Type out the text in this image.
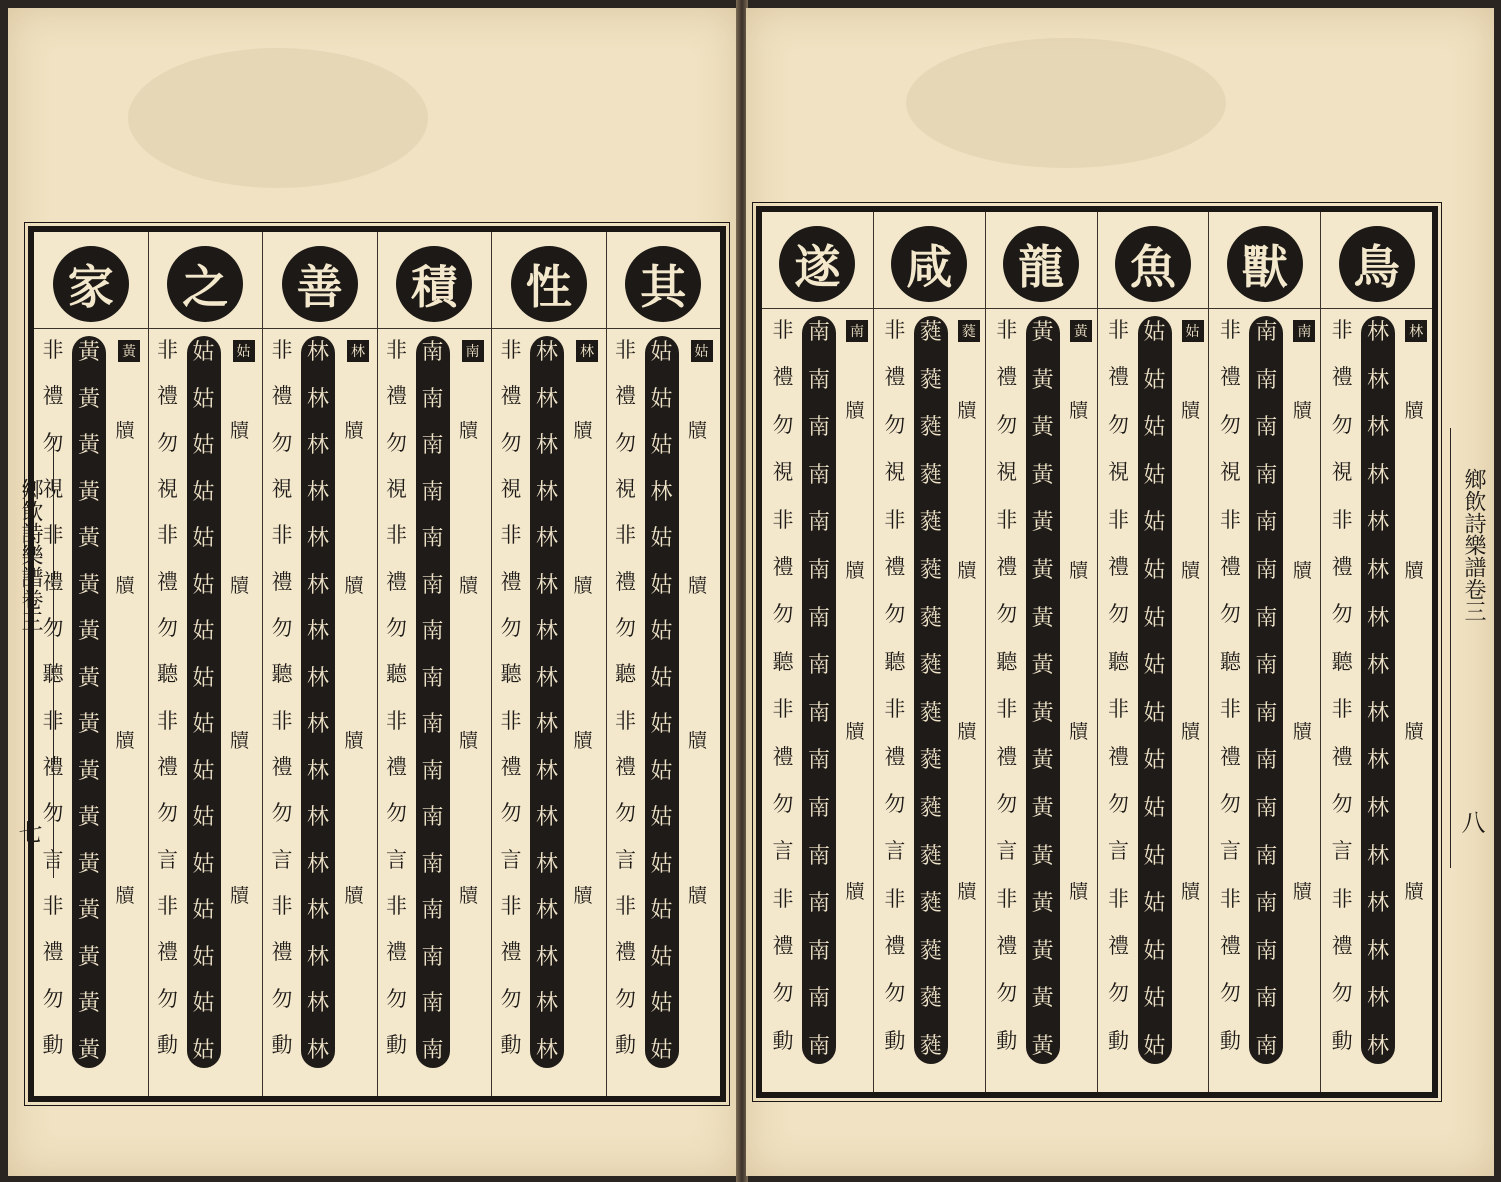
家
黃
黃
黃
黃
黃
黃
黃
黃
黃
黃
黃
黃
黃
黃
黃
黃
黃
非
禮
勿
視
非
禮
勿
聽
非
禮
勿
言
非
禮
勿
動
牘
牘
牘
牘
之
姑
姑
姑
姑
姑
姑
姑
姑
姑
姑
姑
姑
姑
姑
姑
姑
姑
非
禮
勿
視
非
禮
勿
聽
非
禮
勿
言
非
禮
勿
動
牘
牘
牘
牘
善
林
林
林
林
林
林
林
林
林
林
林
林
林
林
林
林
林
非
禮
勿
視
非
禮
勿
聽
非
禮
勿
言
非
禮
勿
動
牘
牘
牘
牘
積
南
南
南
南
南
南
南
南
南
南
南
南
南
南
南
南
南
非
禮
勿
視
非
禮
勿
聽
非
禮
勿
言
非
禮
勿
動
牘
牘
牘
牘
性
林
林
林
林
林
林
林
林
林
林
林
林
林
林
林
林
林
非
禮
勿
視
非
禮
勿
聽
非
禮
勿
言
非
禮
勿
動
牘
牘
牘
牘
其
姑
姑
姑
姑
林
姑
姑
姑
姑
姑
姑
姑
姑
姑
姑
姑
姑
非
禮
勿
視
非
禮
勿
聽
非
禮
勿
言
非
禮
勿
動
牘
牘
牘
牘
鄉飲詩樂譜卷三
七
鳥
林
林
林
林
林
林
林
林
林
林
林
林
林
林
林
林
林
非
禮
勿
視
非
禮
勿
聽
非
禮
勿
言
非
禮
勿
動
牘
牘
牘
牘
獸
南
南
南
南
南
南
南
南
南
南
南
南
南
南
南
南
南
非
禮
勿
視
非
禮
勿
聽
非
禮
勿
言
非
禮
勿
動
牘
牘
牘
牘
魚
姑
姑
姑
姑
姑
姑
姑
姑
姑
姑
姑
姑
姑
姑
姑
姑
姑
非
禮
勿
視
非
禮
勿
聽
非
禮
勿
言
非
禮
勿
動
牘
牘
牘
牘
龍
黃
黃
黃
黃
黃
黃
黃
黃
黃
黃
黃
黃
黃
黃
黃
黃
黃
非
禮
勿
視
非
禮
勿
聽
非
禮
勿
言
非
禮
勿
動
牘
牘
牘
牘
咸
蕤
蕤
蕤
蕤
蕤
蕤
蕤
蕤
蕤
蕤
蕤
蕤
蕤
蕤
蕤
蕤
蕤
非
禮
勿
視
非
禮
勿
聽
非
禮
勿
言
非
禮
勿
動
牘
牘
牘
牘
遂
南
南
南
南
南
南
南
南
南
南
南
南
南
南
南
南
南
非
禮
勿
視
非
禮
勿
聽
非
禮
勿
言
非
禮
勿
動
牘
牘
牘
牘
鄉飲詩樂譜卷三
八
